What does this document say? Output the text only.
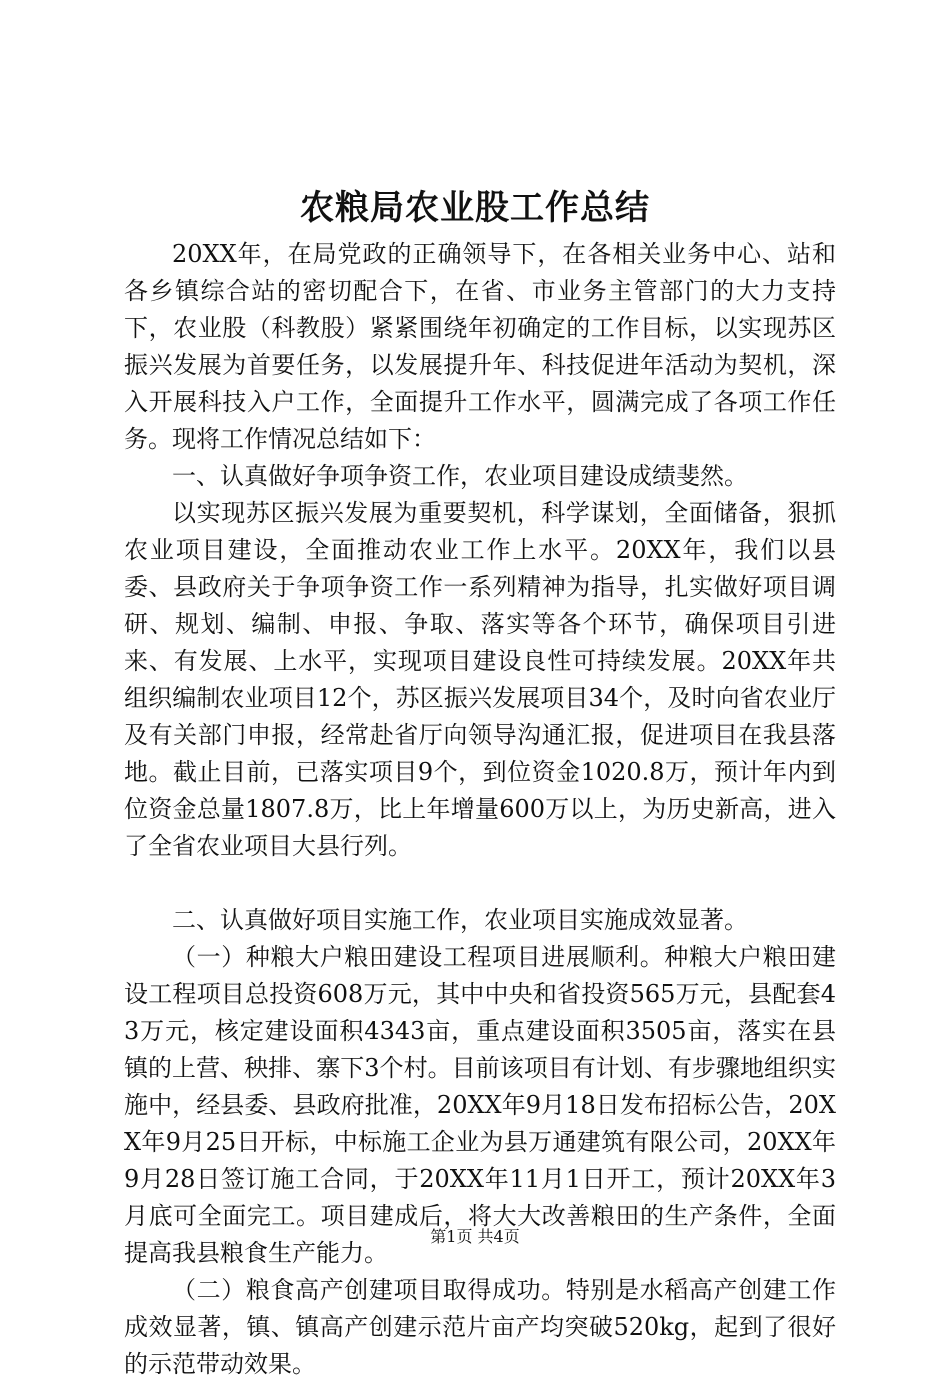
农粮局农业股工作总结

20XX年，在局党政的正确领导下，在各相关业务中心、站和各乡镇综合站的密切配合下，在省、市业务主管部门的大力支持下，农业股（科教股）紧紧围绕年初确定的工作目标，以实现苏区振兴发展为首要任务，以发展提升年、科技促进年活动为契机，深入开展科技入户工作，全面提升工作水平，圆满完成了各项工作任务。现将工作情况总结如下：

一、认真做好争项争资工作，农业项目建设成绩斐然。

以实现苏区振兴发展为重要契机，科学谋划，全面储备，狠抓农业项目建设，全面推动农业工作上水平。20XX年，我们以县委、县政府关于争项争资工作一系列精神为指导，扎实做好项目调研、规划、编制、申报、争取、落实等各个环节，确保项目引进来、有发展、上水平，实现项目建设良性可持续发展。20XX年共组织编制农业项目12个，苏区振兴发展项目34个，及时向省农业厅及有关部门申报，经常赴省厅向领导沟通汇报，促进项目在我县落地。截止目前，已落实项目9个，到位资金1020.8万，预计年内到位资金总量1807.8万，比上年增量600万以上，为历史新高，进入了全省农业项目大县行列。

二、认真做好项目实施工作，农业项目实施成效显著。

（一）种粮大户粮田建设工程项目进展顺利。种粮大户粮田建设工程项目总投资608万元，其中中央和省投资565万元，县配套43万元，核定建设面积4343亩，重点建设面积3505亩，落实在县镇的上营、秧排、寨下3个村。目前该项目有计划、有步骤地组织实施中，经县委、县政府批准，20XX年9月18日发布招标公告，20XX年9月25日开标，中标施工企业为县万通建筑有限公司，20XX年9月28日签订施工合同，于20XX年11月1日开工，预计20XX年3月底可全面完工。项目建成后，将大大改善粮田的生产条件，全面提高我县粮食生产能力。

（二）粮食高产创建项目取得成功。特别是水稻高产创建工作成效显著，镇、镇高产创建示范片亩产均突破520kg，起到了很好的示范带动效果。

第1页 共4页
